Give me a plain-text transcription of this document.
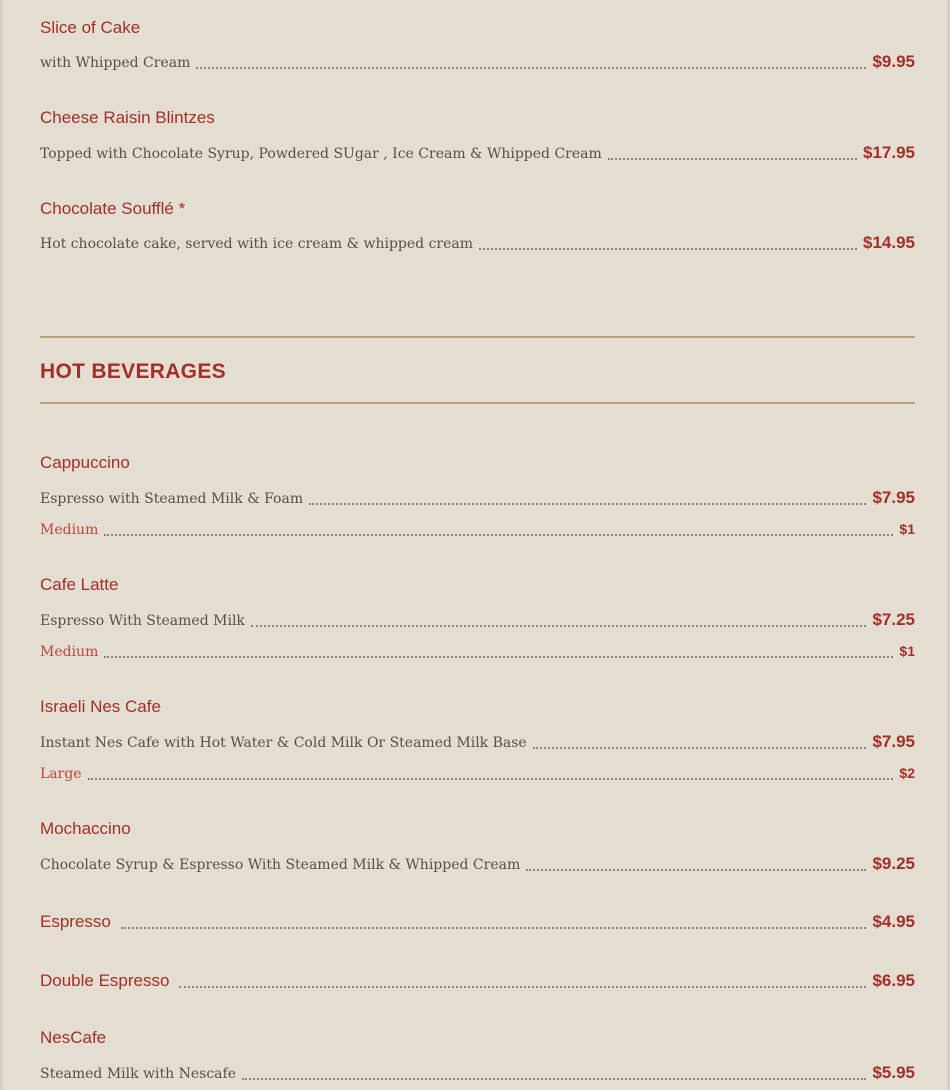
Slice of Cake
with Whipped Cream	$9.95
Cheese Raisin Blintzes
Topped with Chocolate Syrup, Powdered SUgar , Ice Cream & Whipped Cream	$17.95
Chocolate Soufflé *
Hot chocolate cake, served with ice cream & whipped cream	$14.95
HOT BEVERAGES
Cappuccino
Espresso with Steamed Milk & Foam	$7.95
Medium	$1
Cafe Latte
Espresso With Steamed Milk	$7.25
Medium	$1
Israeli Nes Cafe
Instant Nes Cafe with Hot Water & Cold Milk Or Steamed Milk Base	$7.95
Large	$2
Mochaccino
Chocolate Syrup & Espresso With Steamed Milk & Whipped Cream	$9.25
Espresso	$4.95
Double Espresso	$6.95
NesCafe
Steamed Milk with Nescafe	$5.95
